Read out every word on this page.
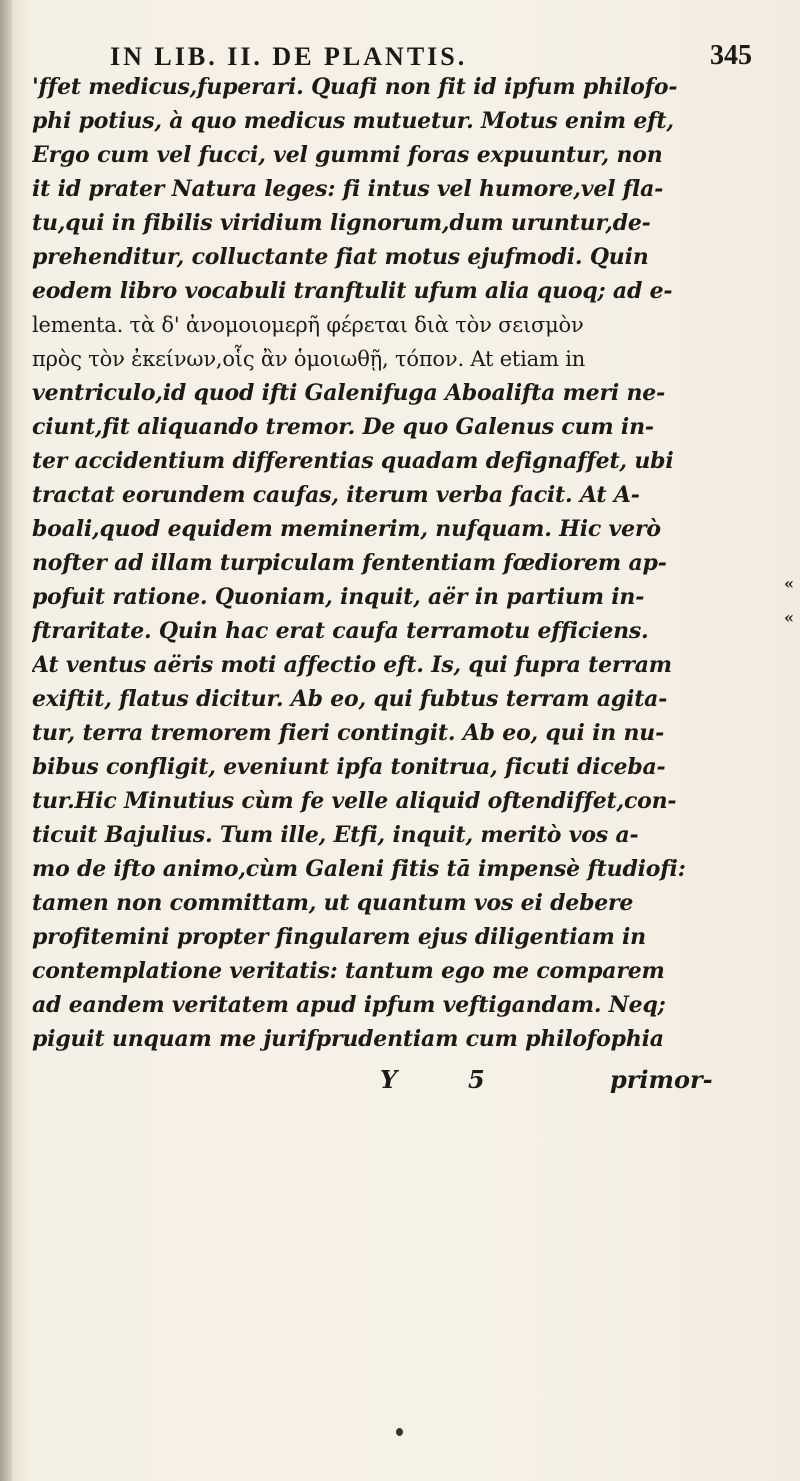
IN LIB. II. DE PLANTIS.	345
'ffet medicus,fuperari. Quafi non fit id ipfum philofo-
phi potius, à quo medicus mutuetur. Motus enim eft,
Ergo cum vel fucci, vel gummi foras expuuntur, non
it id prater Natura leges: fi intus vel humore,vel fla-
tu,qui in fibilis viridium lignorum,dum uruntur,de-
prehenditur, colluctante fiat motus ejufmodi. Quin
eodem libro vocabuli tranftulit ufum alia quoq; ad e-
lementa. τὰ δ' ἀνομοιομερῆ φέρεται διὰ τὸν σεισμὸν
πρὸς τὸν ἐκείνων,οἷς ἂν ὁμοιωθῇ, τόπον. At etiam in
ventriculo,id quod ifti Galenifuga Aboalifta meri ne-
ciunt,fit aliquando tremor. De quo Galenus cum in-
ter accidentium differentias quadam defignaffet, ubi
tractat eorundem caufas, iterum verba facit. At A-
boali,quod equidem meminerim, nufquam. Hic verò
nofter ad illam turpiculam fententiam fœdiorem ap-
pofuit ratione. Quoniam, inquit, aër in partium in-
ftraritate. Quin hac erat caufa terramotu efficiens.
At ventus aëris moti affectio eft. Is, qui fupra terram
exiftit, flatus dicitur. Ab eo, qui fubtus terram agita-
tur, terra tremorem fieri contingit. Ab eo, qui in nu-
bibus confligit, eveniunt ipfa tonitrua, ficuti diceba-
tur.Hic Minutius cùm fe velle aliquid oftendiffet,con-
ticuit Bajulius. Tum ille, Etfi, inquit, meritò vos a-
mo de ifto animo,cùm Galeni fitis tā impensè ftudiofi:
tamen non committam, ut quantum vos ei debere
profitemini propter fingularem ejus diligentiam in
contemplatione veritatis: tantum ego me comparem
ad eandem veritatem apud ipfum veftigandam. Neq;
piguit unquam me jurifprudentiam cum philofophia
«
«
Y	5	primor-
